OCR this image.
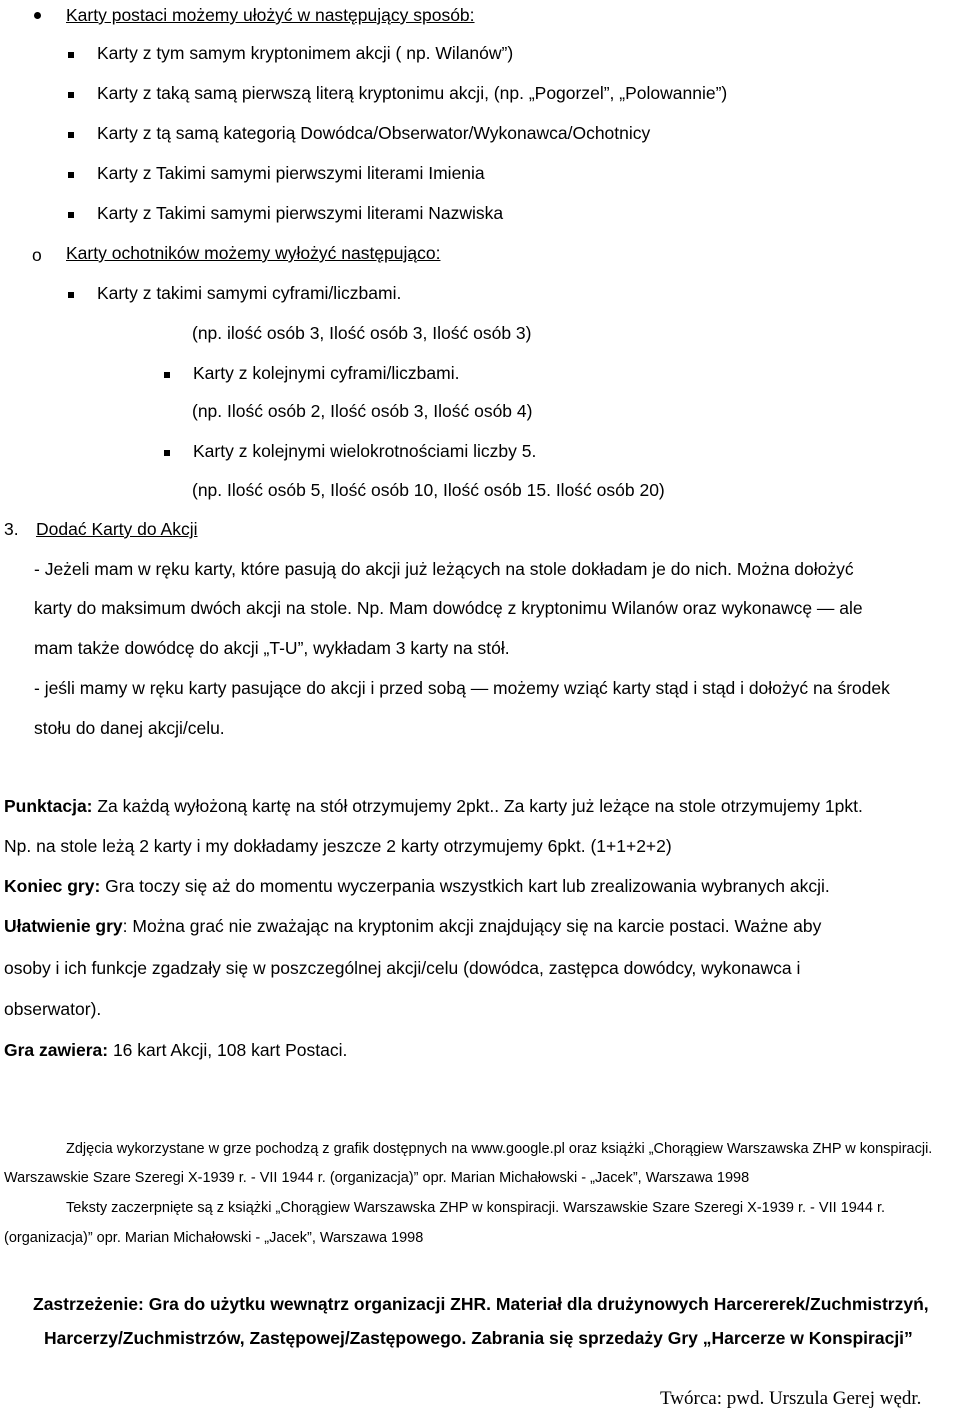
Karty postaci możemy ułożyć w następujący sposób:
Karty z tym samym kryptonimem akcji ( np. Wilanów”)
Karty z taką samą pierwszą literą kryptonimu akcji, (np. „Pogorzel”, „Polowannie”)
Karty z tą samą kategorią Dowódca/Obserwator/Wykonawca/Ochotnicy
Karty z Takimi samymi pierwszymi literami Imienia
Karty z Takimi samymi pierwszymi literami Nazwiska
o Karty ochotników możemy wyłożyć następująco:
Karty z takimi samymi cyframi/liczbami.
(np. ilość osób 3, Ilość osób 3, Ilość osób 3)
Karty z kolejnymi cyframi/liczbami.
(np. Ilość osób 2, Ilość osób 3, Ilość osób 4)
Karty z kolejnymi wielokrotnościami liczby 5.
(np. Ilość osób 5, Ilość osób 10, Ilość osób 15. Ilość osób 20)
3. Dodać Karty do Akcji
- Jeżeli mam w ręku karty, które pasują do akcji już leżących na stole dokładam je do nich. Można dołożyć
karty do maksimum dwóch akcji na stole. Np. Mam dowódcę z kryptonimu Wilanów oraz wykonawcę — ale
mam także dowódcę do akcji „T-U”, wykładam 3 karty na stół.
- jeśli mamy w ręku karty pasujące do akcji i przed sobą — możemy wziąć karty stąd i stąd i dołożyć na środek
stołu do danej akcji/celu.
Punktacja: Za każdą wyłożoną kartę na stół otrzymujemy 2pkt.. Za karty już leżące na stole otrzymujemy 1pkt.
Np. na stole leżą 2 karty i my dokładamy jeszcze 2 karty otrzymujemy 6pkt. (1+1+2+2)
Koniec gry: Gra toczy się aż do momentu wyczerpania wszystkich kart lub zrealizowania wybranych akcji.
Ułatwienie gry: Można grać nie zważając na kryptonim akcji znajdujący się na karcie postaci. Ważne aby
osoby i ich funkcje zgadzały się w poszczególnej akcji/celu (dowódca, zastępca dowódcy, wykonawca i
obserwator).
Gra zawiera: 16 kart Akcji, 108 kart Postaci.
Zdjęcia wykorzystane w grze pochodzą z grafik dostępnych na www.google.pl oraz książki „Chorągiew Warszawska ZHP w konspiracji.
Warszawskie Szare Szeregi X-1939 r. - VII 1944 r. (organizacja)” opr. Marian Michałowski - „Jacek”, Warszawa 1998
Teksty zaczerpnięte są z książki „Chorągiew Warszawska ZHP w konspiracji. Warszawskie Szare Szeregi X-1939 r. - VII 1944 r.
(organizacja)” opr. Marian Michałowski - „Jacek”, Warszawa 1998
Zastrzeżenie: Gra do użytku wewnątrz organizacji ZHR. Materiał dla drużynowych Harcererek/Zuchmistrzyń,
Harcerzy/Zuchmistrzów, Zastępowej/Zastępowego. Zabrania się sprzedaży Gry „Harcerze w Konspiracji”
Twórca: pwd. Urszula Gerej wędr.
